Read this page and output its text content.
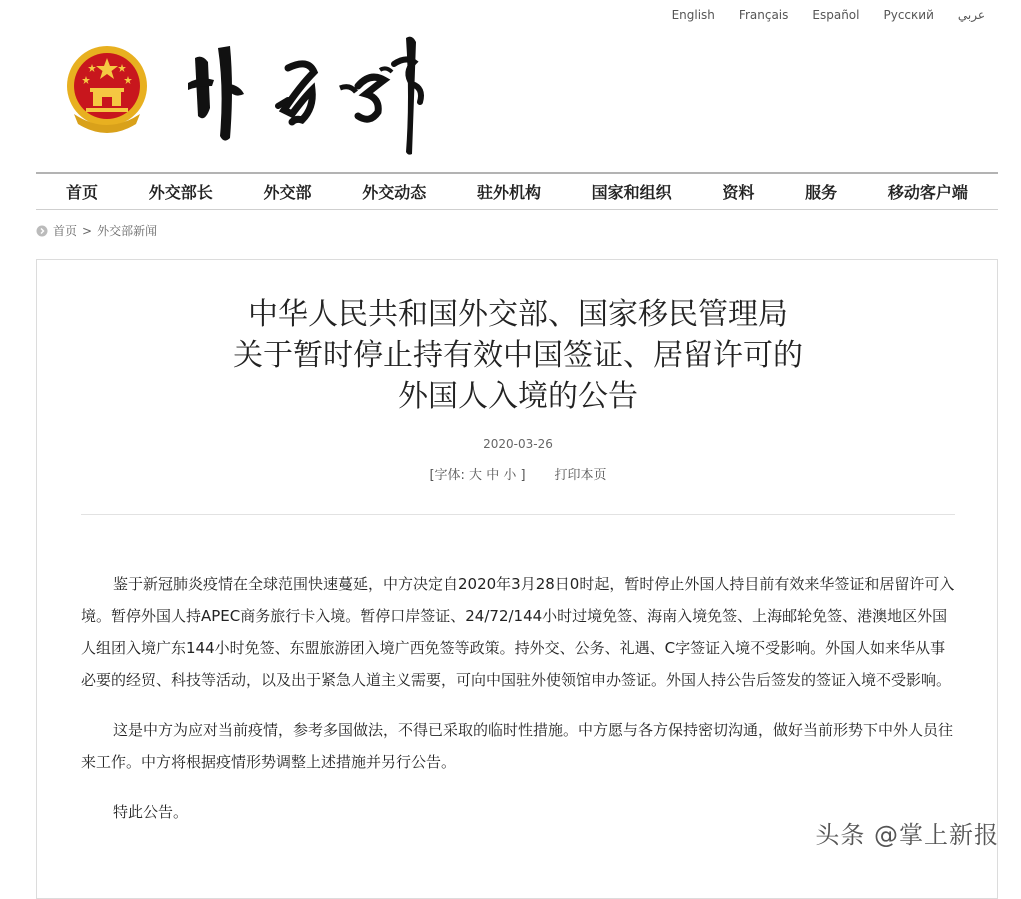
English Français Español Русский عربي
首页	外交部长	外交部	外交动态	驻外机构	国家和组织	资料	服务	移动客户端
首页 > 外交部新闻
中华人民共和国外交部、国家移民管理局
关于暂时停止持有效中国签证、居留许可的
外国人入境的公告
2020-03-26
[字体: 大 中 小 ] 打印本页

鉴于新冠肺炎疫情在全球范围快速蔓延，中方决定自2020年3月28日0时起，暂时停止外国人持目前有效来华签证和居留许可入境。暂停外国人持APEC商务旅行卡入境。暂停口岸签证、24/72/144小时过境免签、海南入境免签、上海邮轮免签、港澳地区外国人组团入境广东144小时免签、东盟旅游团入境广西免签等政策。持外交、公务、礼遇、C字签证入境不受影响。外国人如来华从事必要的经贸、科技等活动，以及出于紧急人道主义需要，可向中国驻外使领馆申办签证。外国人持公告后签发的签证入境不受影响。

这是中方为应对当前疫情，参考多国做法，不得已采取的临时性措施。中方愿与各方保持密切沟通，做好当前形势下中外人员往来工作。中方将根据疫情形势调整上述措施并另行公告。

特此公告。

头条 @掌上新报
